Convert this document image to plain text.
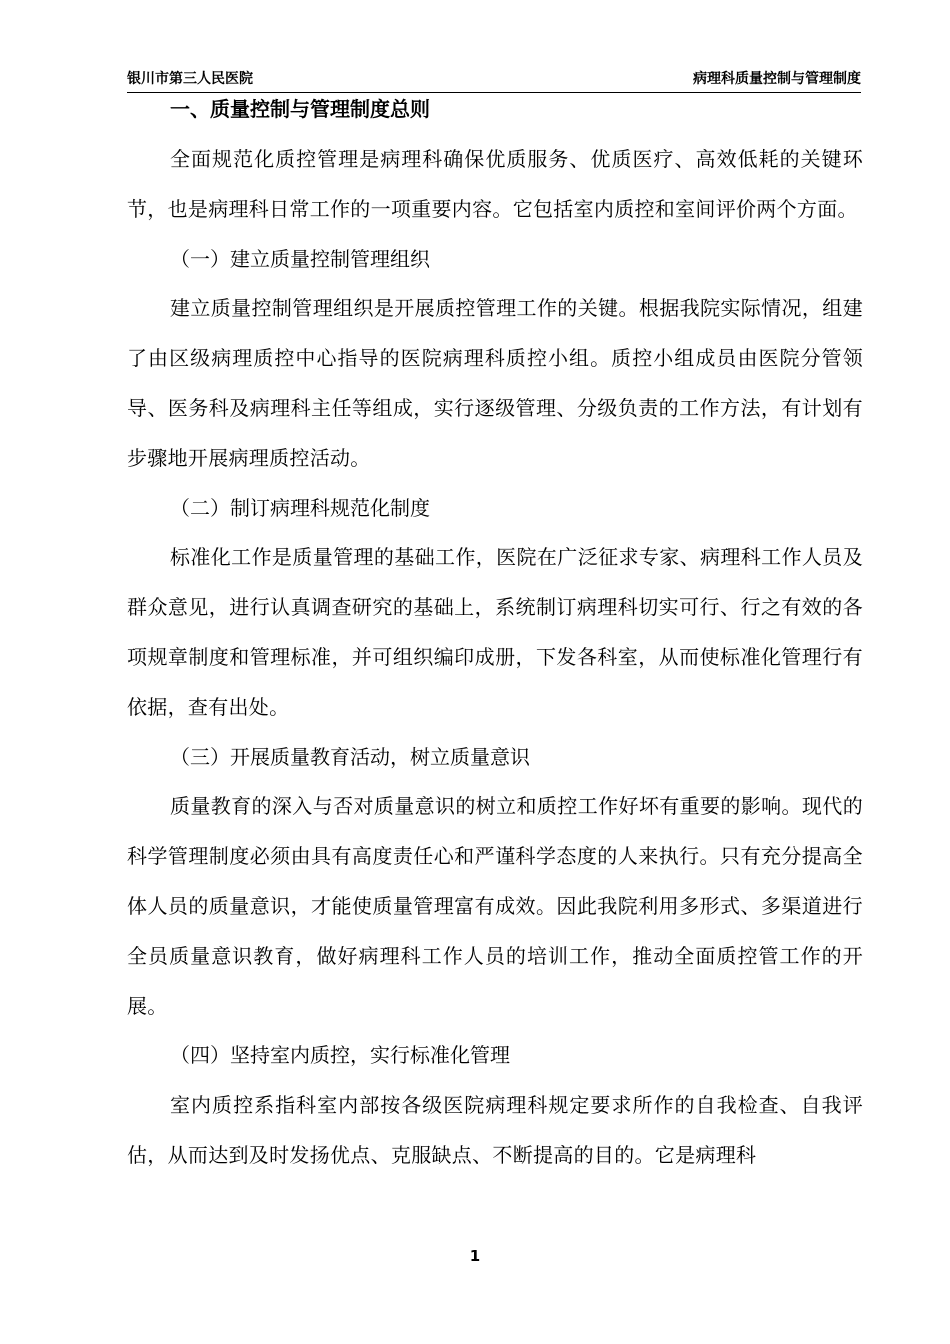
银川市第三人民医院	病理科质量控制与管理制度
一、质量控制与管理制度总则

全面规范化质控管理是病理科确保优质服务、优质医疗、高效低耗的关键环节，也是病理科日常工作的一项重要内容。它包括室内质控和室间评价两个方面。

（一）建立质量控制管理组织

建立质量控制管理组织是开展质控管理工作的关键。根据我院实际情况，组建了由区级病理质控中心指导的医院病理科质控小组。质控小组成员由医院分管领导、医务科及病理科主任等组成，实行逐级管理、分级负责的工作方法，有计划有步骤地开展病理质控活动。

（二）制订病理科规范化制度

标准化工作是质量管理的基础工作，医院在广泛征求专家、病理科工作人员及群众意见，进行认真调查研究的基础上，系统制订病理科切实可行、行之有效的各项规章制度和管理标准，并可组织编印成册，下发各科室，从而使标准化管理行有依据，查有出处。

（三）开展质量教育活动，树立质量意识

质量教育的深入与否对质量意识的树立和质控工作好坏有重要的影响。现代的科学管理制度必须由具有高度责任心和严谨科学态度的人来执行。只有充分提高全体人员的质量意识，才能使质量管理富有成效。因此我院利用多形式、多渠道进行全员质量意识教育，做好病理科工作人员的培训工作，推动全面质控管工作的开展。

（四）坚持室内质控，实行标准化管理

室内质控系指科室内部按各级医院病理科规定要求所作的自我检查、自我评估，从而达到及时发扬优点、克服缺点、不断提高的目的。它是病理科

1
